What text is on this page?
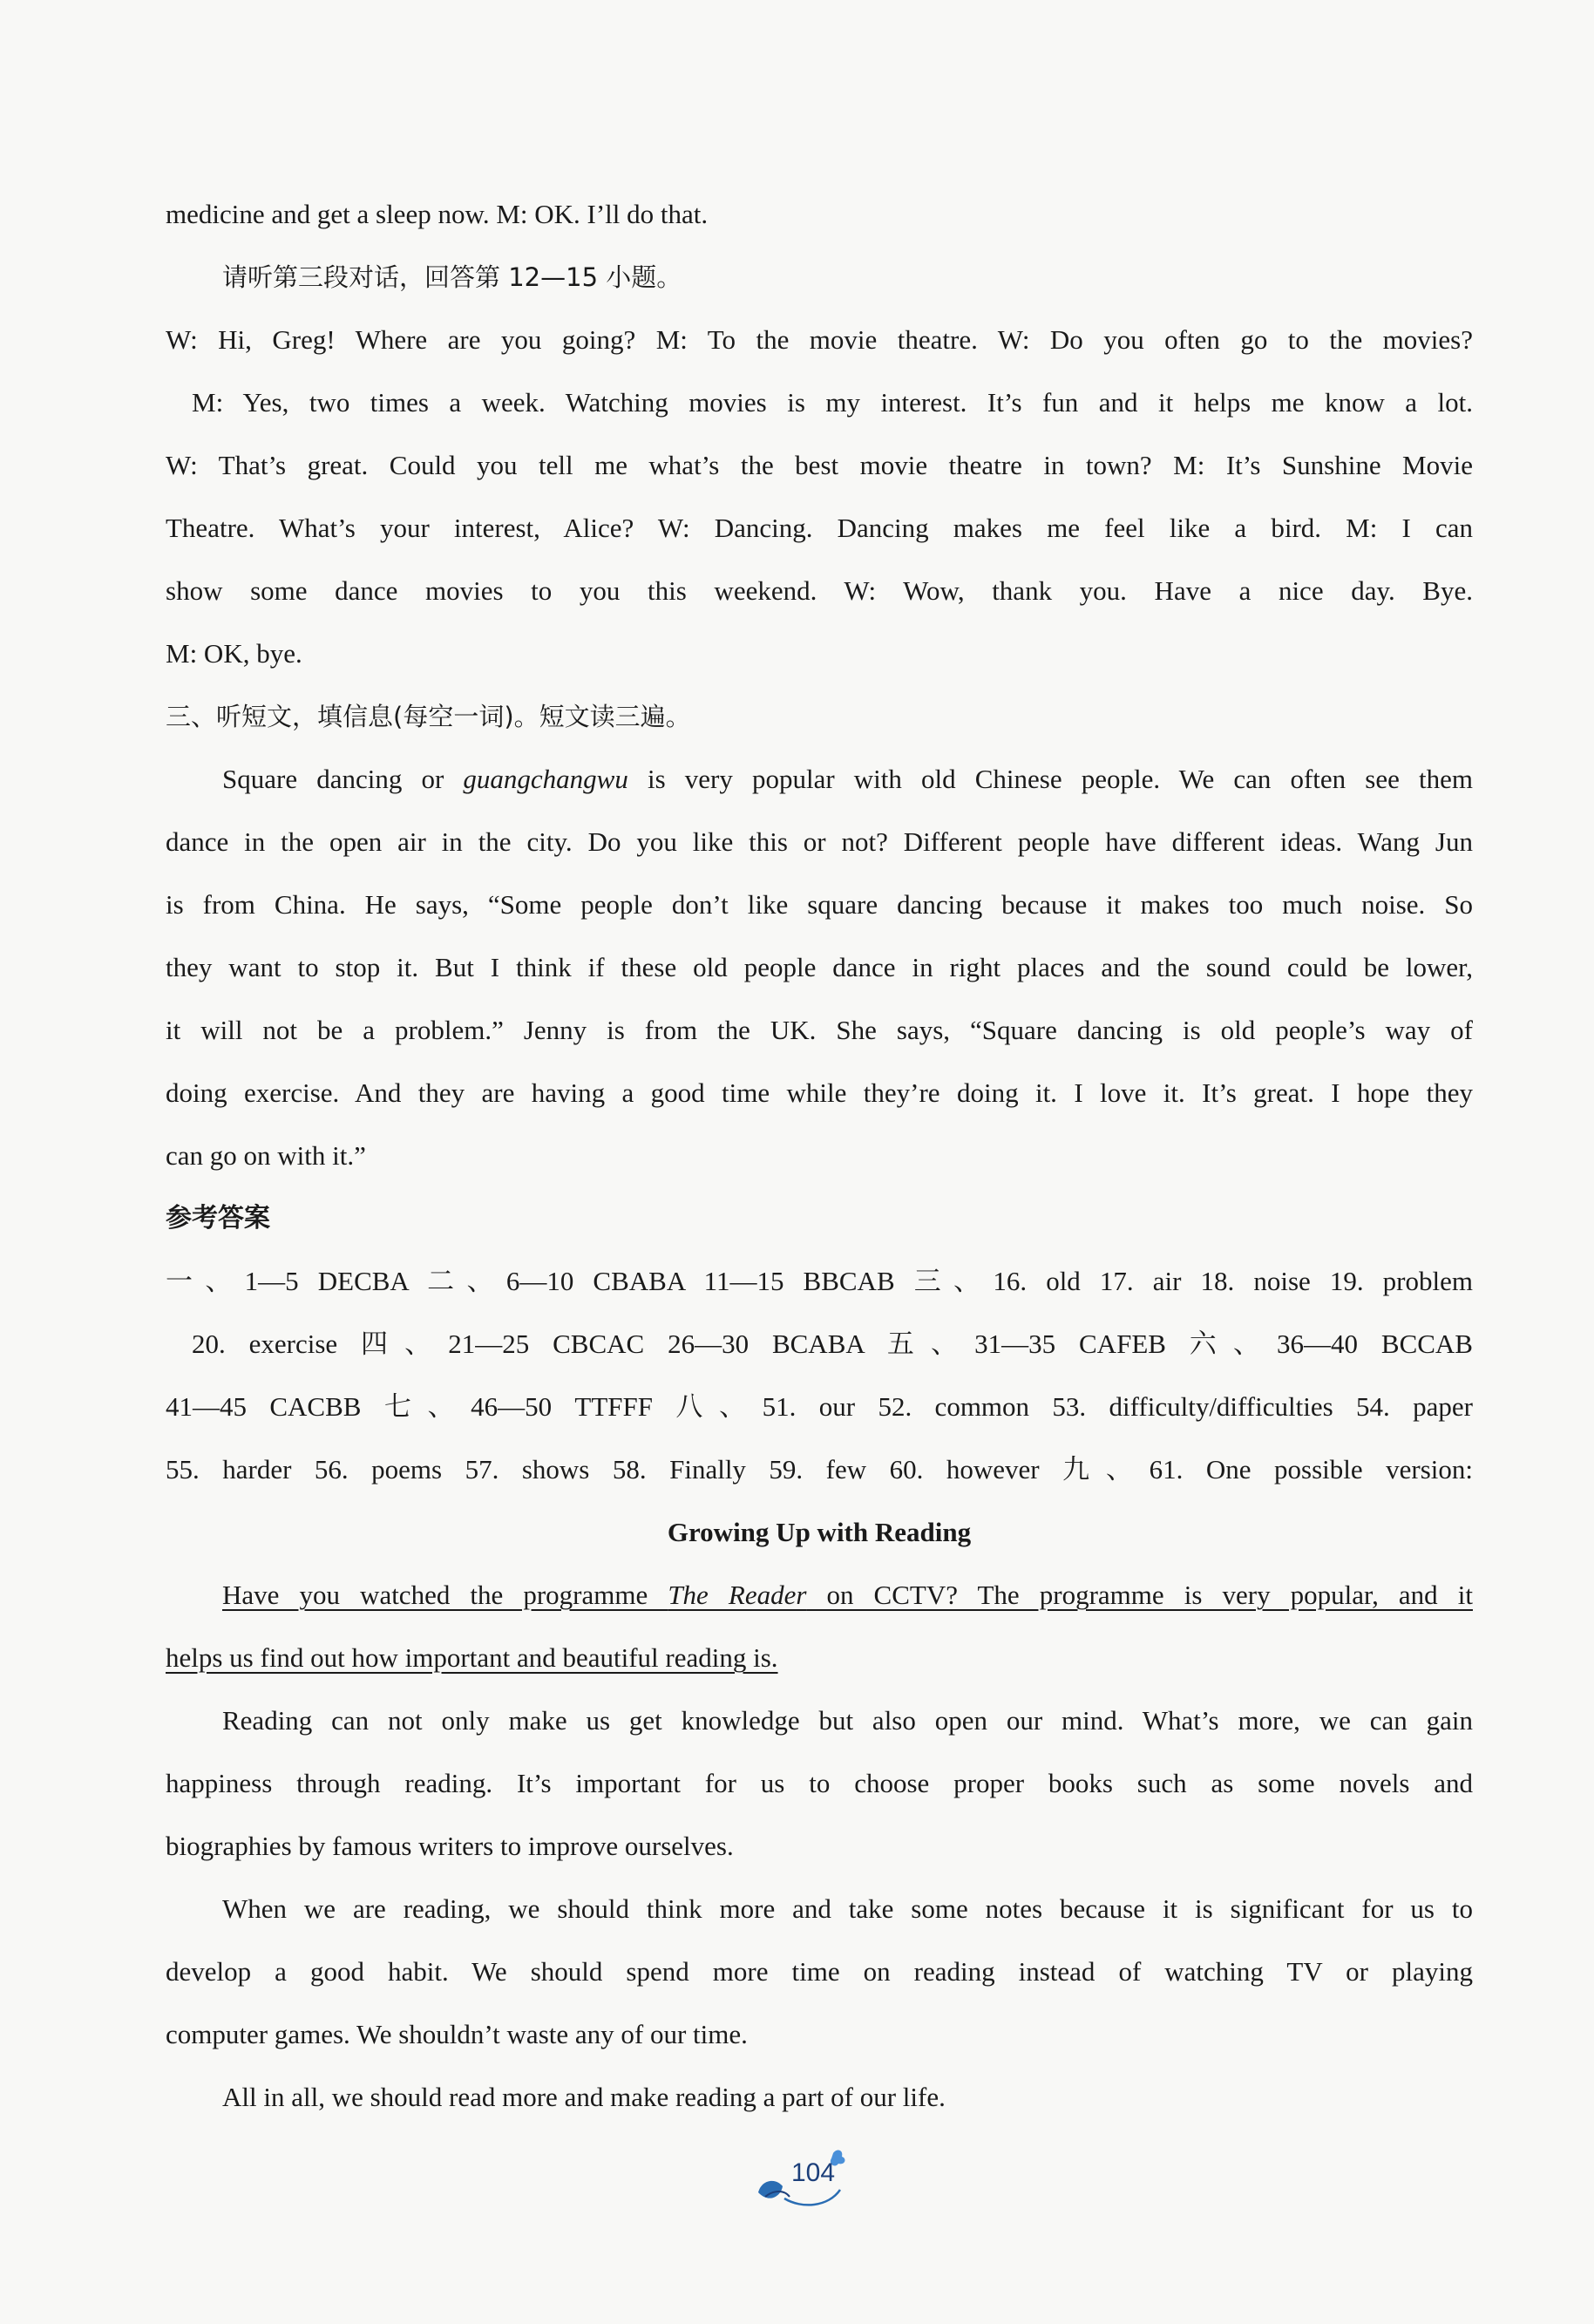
medicine and get a sleep now. M: OK. I’ll do that.
请听第三段对话，回答第 12—15 小题。
W: Hi, Greg! Where are you going? M: To the movie theatre. W: Do you often go to the movies?
M: Yes, two times a week. Watching movies is my interest. It’s fun and it helps me know a lot.
W: That’s great. Could you tell me what’s the best movie theatre in town? M: It’s Sunshine Movie
Theatre. What’s your interest, Alice? W: Dancing. Dancing makes me feel like a bird. M: I can
show some dance movies to you this weekend. W: Wow, thank you. Have a nice day. Bye.
M: OK, bye.
三、听短文，填信息(每空一词)。短文读三遍。
Square dancing or guangchangwu is very popular with old Chinese people. We can often see them
dance in the open air in the city. Do you like this or not? Different people have different ideas. Wang Jun
is from China. He says, “Some people don’t like square dancing because it makes too much noise. So
they want to stop it. But I think if these old people dance in right places and the sound could be lower,
it will not be a problem.” Jenny is from the UK. She says, “Square dancing is old people’s way of
doing exercise. And they are having a good time while they’re doing it. I love it. It’s great. I hope they
can go on with it.”
参考答案
一、1—5 DECBA 二、6—10 CBABA 11—15 BBCAB 三、16. old 17. air 18. noise 19. problem
20. exercise 四、21—25 CBCAC 26—30 BCABA 五、31—35 CAFEB 六、36—40 BCCAB
41—45 CACBB 七、46—50 TTFFF 八、51. our 52. common 53. difficulty/difficulties 54. paper
55. harder 56. poems 57. shows 58. Finally 59. few 60. however 九、61. One possible version:
Growing Up with Reading
Have you watched the programme The Reader on CCTV? The programme is very popular, and it
helps us find out how important and beautiful reading is.
Reading can not only make us get knowledge but also open our mind. What’s more, we can gain
happiness through reading. It’s important for us to choose proper books such as some novels and
biographies by famous writers to improve ourselves.
When we are reading, we should think more and take some notes because it is significant for us to
develop a good habit. We should spend more time on reading instead of watching TV or playing
computer games. We shouldn’t waste any of our time.
All in all, we should read more and make reading a part of our life.
104
